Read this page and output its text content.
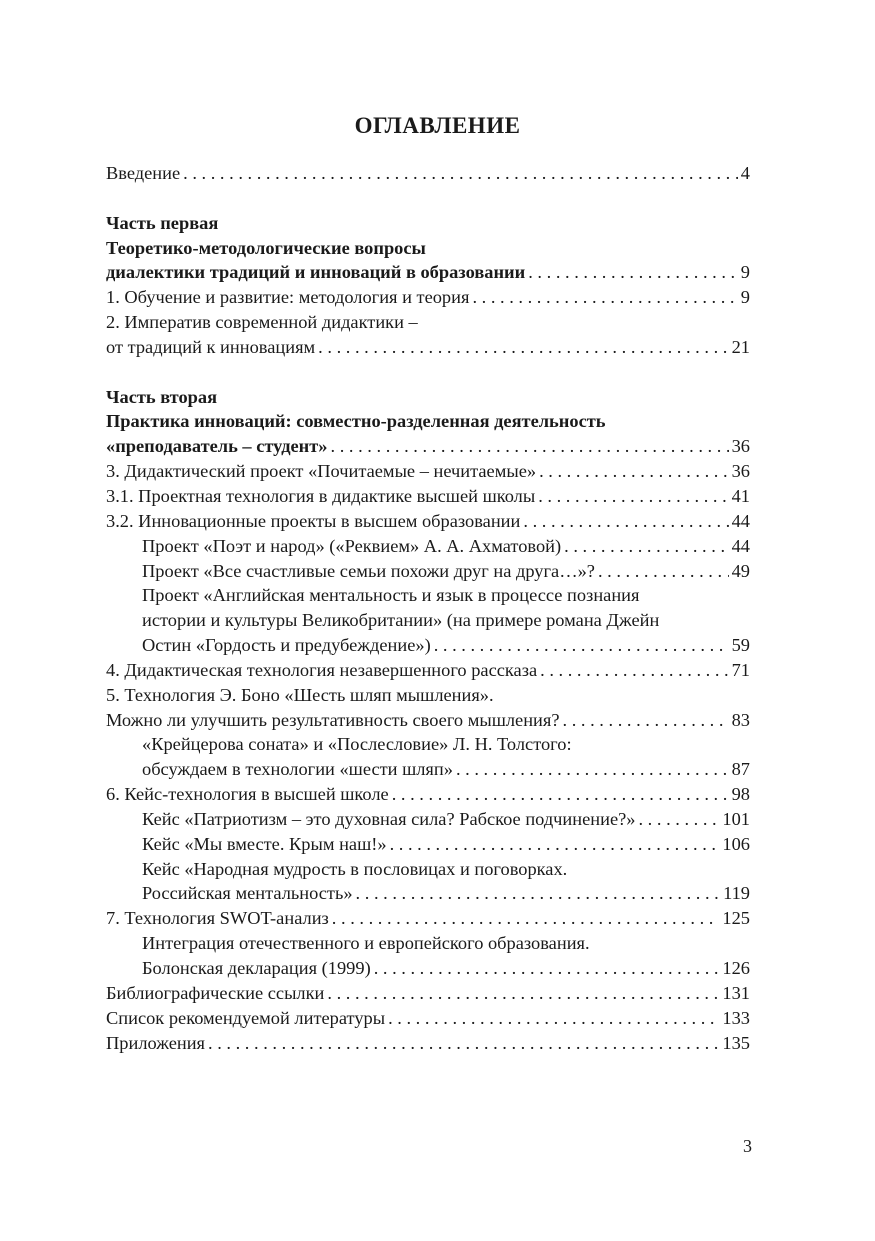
ОГЛАВЛЕНИЕ
Введение . . .	4
Часть первая
Теоретико-методологические вопросы
диалектики традиций и инноваций в образовании . . .	9
1. Обучение и развитие: методология и теория . . .	9
2. Императив современной дидактики –
от традиций к инновациям . . .	21
Часть вторая
Практика инноваций: совместно-разделенная деятельность
«преподаватель – студент» . . .	36
3. Дидактический проект «Почитаемые – нечитаемые» . . .	36
3.1. Проектная технология в дидактике высшей школы . . .	41
3.2. Инновационные проекты в высшем образовании . . .	44
Проект «Поэт и народ» («Реквием» А. А. Ахматовой) . . .	44
Проект «Все счастливые семьи похожи друг на друга…»? . . .	49
Проект «Английская ментальность и язык в процессе познания
истории и культуры Великобритании» (на примере романа Джейн
Остин «Гордость и предубеждение») . . .	59
4. Дидактическая технология незавершенного рассказа . . .	71
5. Технология Э. Боно «Шесть шляп мышления».
Можно ли улучшить результативность своего мышления? . . .	83
«Крейцерова соната» и «Послесловие» Л. Н. Толстого:
обсуждаем в технологии «шести шляп» . . .	87
6. Кейс-технология в высшей школе . . .	98
Кейс «Патриотизм – это духовная сила? Рабское подчинение?» . . .	101
Кейс «Мы вместе. Крым наш!» . . .	106
Кейс «Народная мудрость в пословицах и поговорках.
Российская ментальность» . . .	119
7. Технология SWOT-анализ . . .	125
Интеграция отечественного и европейского образования.
Болонская декларация (1999) . . .	126
Библиографические ссылки . . .	131
Список рекомендуемой литературы . . .	133
Приложения . . .	135
3
